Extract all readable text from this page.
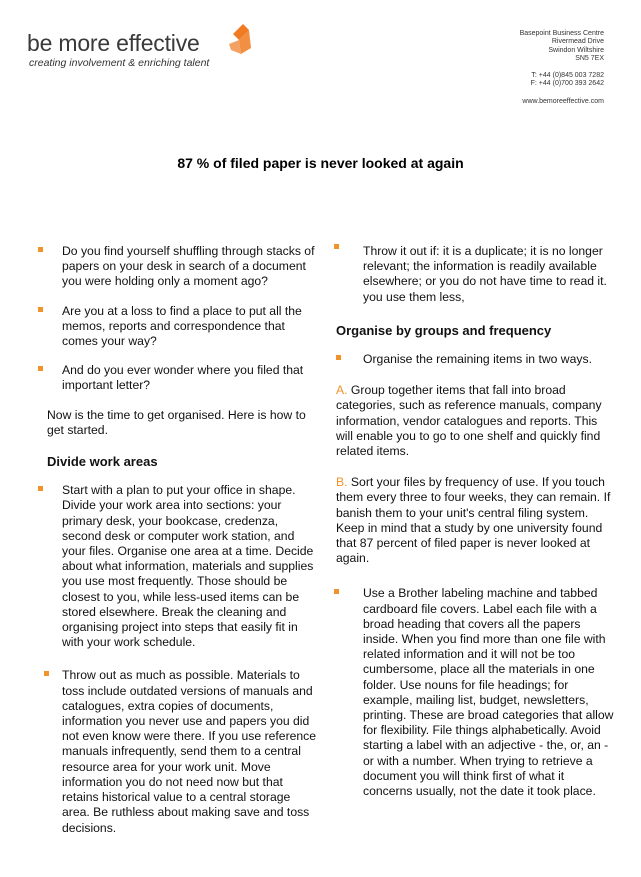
be more effective
creating involvement & enriching talent
Basepoint Business Centre
Rivermead Drive
Swindon Wiltshire
SN5 7EX
T: +44 (0)845 003 7282
F: +44 (0)700 393 2642
www.bemoreeffective.com
87 % of filed paper is never looked at again
Do you find yourself shuffling through stacks of papers on your desk in search of a document you were holding only a moment ago?
Are you at a loss to find a place to put all the memos, reports and correspondence that comes your way?
And do you ever wonder where you filed that important letter?
Now is the time to get organised. Here is how to get started.
Divide work areas
Start with a plan to put your office in shape. Divide your work area into sections: your primary desk, your bookcase, credenza, second desk or computer work station, and your files. Organise one area at a time. Decide about what information, materials and supplies you use most frequently. Those should be closest to you, while less-used items can be stored elsewhere. Break the cleaning and organising project into steps that easily fit in with your work schedule.
Throw out as much as possible. Materials to toss include outdated versions of manuals and catalogues, extra copies of documents, information you never use and papers you did not even know were there. If you use reference manuals infrequently, send them to a central resource area for your work unit. Move information you do not need now but that retains historical value to a central storage area. Be ruthless about making save and toss decisions.
Throw it out if: it is a duplicate; it is no longer relevant; the information is readily available elsewhere; or you do not have time to read it.
you use them less,
Organise by groups and frequency
Organise the remaining items in two ways.
A. Group together items that fall into broad categories, such as reference manuals, company information, vendor catalogues and reports. This will enable you to go to one shelf and quickly find related items.
B. Sort your files by frequency of use. If you touch them every three to four weeks, they can remain. If banish them to your unit's central filing system. Keep in mind that a study by one university found that 87 percent of filed paper is never looked at again.
Use a Brother labeling machine and tabbed cardboard file covers. Label each file with a broad heading that covers all the papers inside. When you find more than one file with related information and it will not be too cumbersome, place all the materials in one folder. Use nouns for file headings; for example, mailing list, budget, newsletters, printing. These are broad categories that allow for flexibility. File things alphabetically. Avoid starting a label with an adjective - the, or, an - or with a number. When trying to retrieve a document you will think first of what it concerns usually, not the date it took place.
